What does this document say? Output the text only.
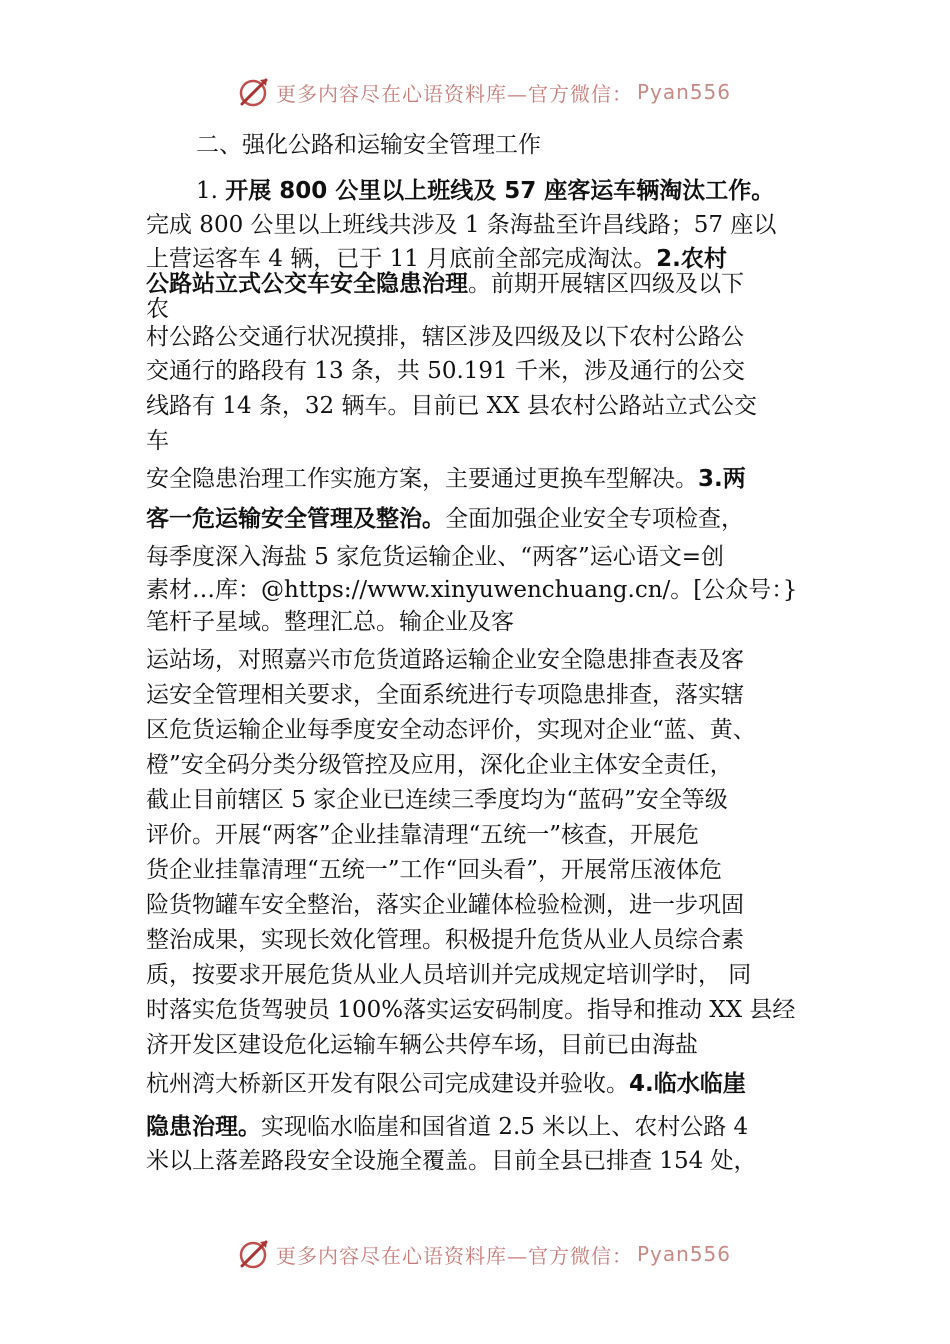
更多内容尽在心语资料库—官方微信： Pyan556
二、强化公路和运输安全管理工作
1. 开展 800 公里以上班线及 57 座客运车辆淘汰工作。
完成 800 公里以上班线共涉及 1 条海盐至许昌线路；57 座以
上营运客车 4 辆，已于 11 月底前全部完成淘汰。2.农村
公路站立式公交车安全隐患治理。前期开展辖区四级及以下
农
村公路公交通行状况摸排，辖区涉及四级及以下农村公路公
交通行的路段有 13 条，共 50.191 千米，涉及通行的公交
线路有 14 条，32 辆车。目前已 XX 县农村公路站立式公交
车
安全隐患治理工作实施方案，主要通过更换车型解决。3.两
客一危运输安全管理及整治。全面加强企业安全专项检查，
每季度深入海盐 5 家危货运输企业、“两客”运心语文=创
素材…库：@https://www.xinyuwenchuang.cn/。[公众号：}
笔杆子星域。整理汇总。输企业及客
运站场，对照嘉兴市危货道路运输企业安全隐患排查表及客
运安全管理相关要求，全面系统进行专项隐患排查，落实辖
区危货运输企业每季度安全动态评价，实现对企业“蓝、黄、
橙”安全码分类分级管控及应用，深化企业主体安全责任，
截止目前辖区 5 家企业已连续三季度均为“蓝码”安全等级
评价。开展“两客”企业挂靠清理“五统一”核查，开展危
货企业挂靠清理“五统一”工作“回头看”，开展常压液体危
险货物罐车安全整治，落实企业罐体检验检测，进一步巩固
整治成果，实现长效化管理。积极提升危货从业人员综合素
质，按要求开展危货从业人员培训并完成规定培训学时， 同
时落实危货驾驶员 100%落实运安码制度。指导和推动 XX 县经
济开发区建设危化运输车辆公共停车场，目前已由海盐
杭州湾大桥新区开发有限公司完成建设并验收。4.临水临崖
隐患治理。实现临水临崖和国省道 2.5 米以上、农村公路 4
米以上落差路段安全设施全覆盖。目前全县已排查 154 处，
更多内容尽在心语资料库—官方微信： Pyan556
